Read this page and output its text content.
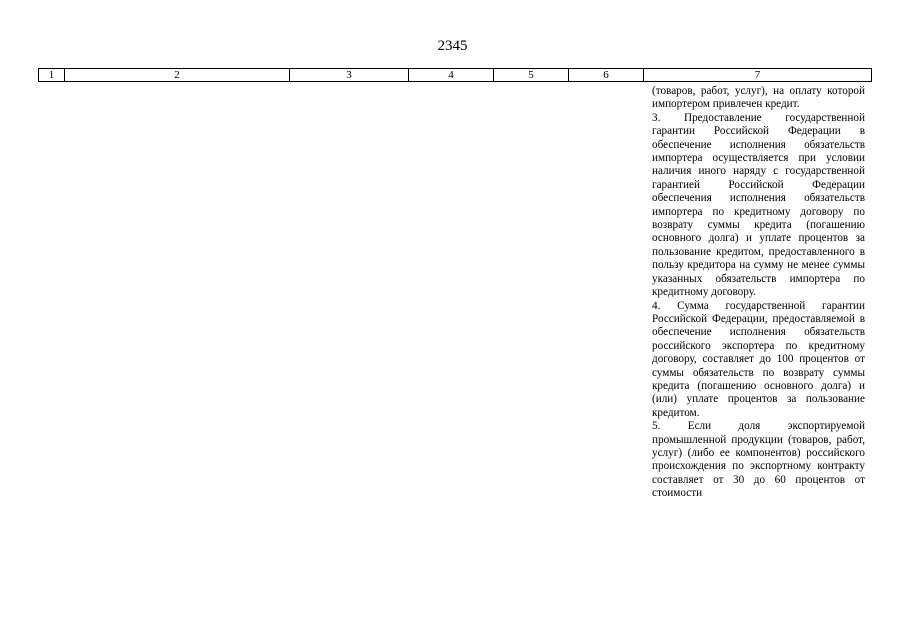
2345
1	2	3	4	5	6	7

(товаров, работ, услуг), на оплату которой импортером привлечен кредит.

3. Предоставление государственной гарантии Российской Федерации в обеспечение исполнения обязательств импортера осуществляется при условии наличия иного наряду с государственной гарантией Российской Федерации обеспечения исполнения обязательств импортера по кредитному договору по возврату суммы кредита (погашению основного долга) и уплате процентов за пользование кредитом, предоставленного в пользу кредитора на сумму не менее суммы указанных обязательств импортера по кредитному договору.

4. Сумма государственной гарантии Российской Федерации, предоставляемой в обеспечение исполнения обязательств российского экспортера по кредитному договору, составляет до 100 процентов от суммы обязательств по возврату суммы кредита (погашению основного долга) и (или) уплате процентов за пользование кредитом.

5. Если доля экспортируемой промышленной продукции (товаров, работ, услуг) (либо ее компонентов) российского происхождения по экспортному контракту составляет от 30 до 60 процентов от стоимости
